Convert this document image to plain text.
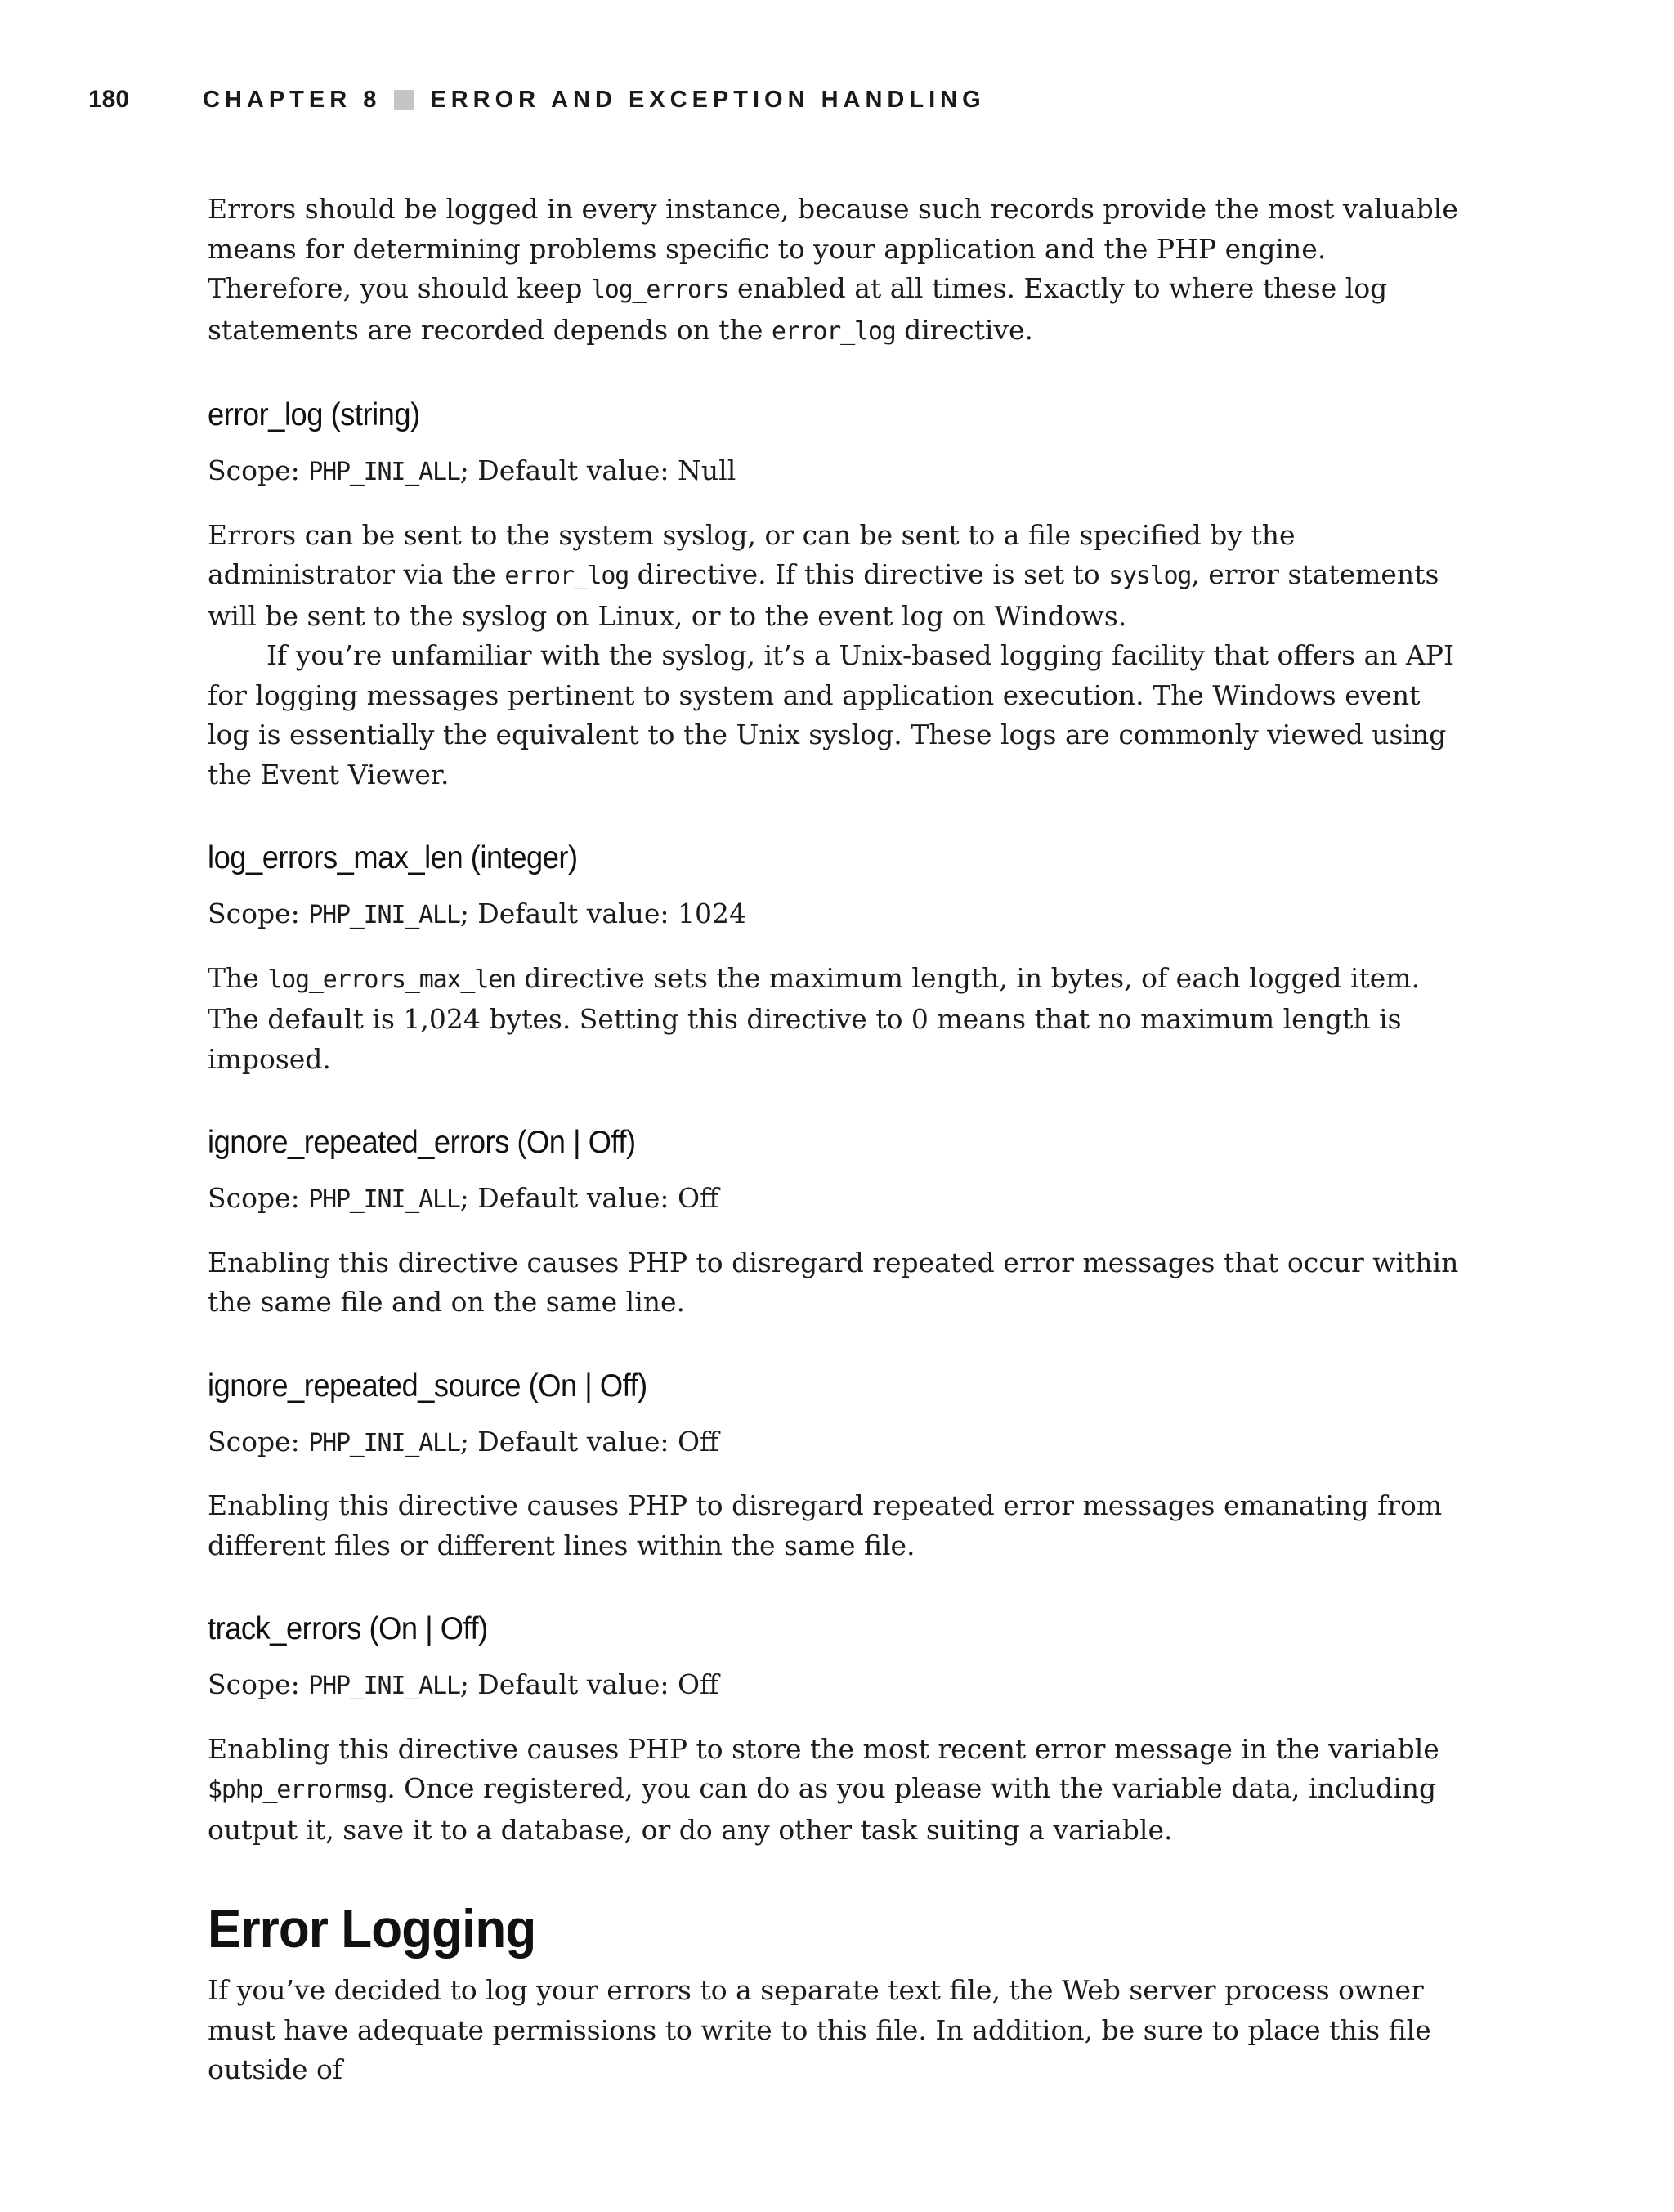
180	CHAPTER 8 ERROR AND EXCEPTION HANDLING

Errors should be logged in every instance, because such records provide the most valuable means for determining problems specific to your application and the PHP engine. Therefore, you should keep log_errors enabled at all times. Exactly to where these log statements are recorded depends on the error_log directive.

error_log (string)

Scope: PHP_INI_ALL; Default value: Null

Errors can be sent to the system syslog, or can be sent to a file specified by the administrator via the error_log directive. If this directive is set to syslog, error statements will be sent to the syslog on Linux, or to the event log on Windows.

If you’re unfamiliar with the syslog, it’s a Unix-based logging facility that offers an API for logging messages pertinent to system and application execution. The Windows event log is essentially the equivalent to the Unix syslog. These logs are commonly viewed using the Event Viewer.

log_errors_max_len (integer)

Scope: PHP_INI_ALL; Default value: 1024

The log_errors_max_len directive sets the maximum length, in bytes, of each logged item. The default is 1,024 bytes. Setting this directive to 0 means that no maximum length is imposed.

ignore_repeated_errors (On | Off)

Scope: PHP_INI_ALL; Default value: Off

Enabling this directive causes PHP to disregard repeated error messages that occur within the same file and on the same line.

ignore_repeated_source (On | Off)

Scope: PHP_INI_ALL; Default value: Off

Enabling this directive causes PHP to disregard repeated error messages emanating from different files or different lines within the same file.

track_errors (On | Off)

Scope: PHP_INI_ALL; Default value: Off

Enabling this directive causes PHP to store the most recent error message in the variable $php_errormsg. Once registered, you can do as you please with the variable data, including output it, save it to a database, or do any other task suiting a variable.

Error Logging

If you’ve decided to log your errors to a separate text file, the Web server process owner must have adequate permissions to write to this file. In addition, be sure to place this file outside of
